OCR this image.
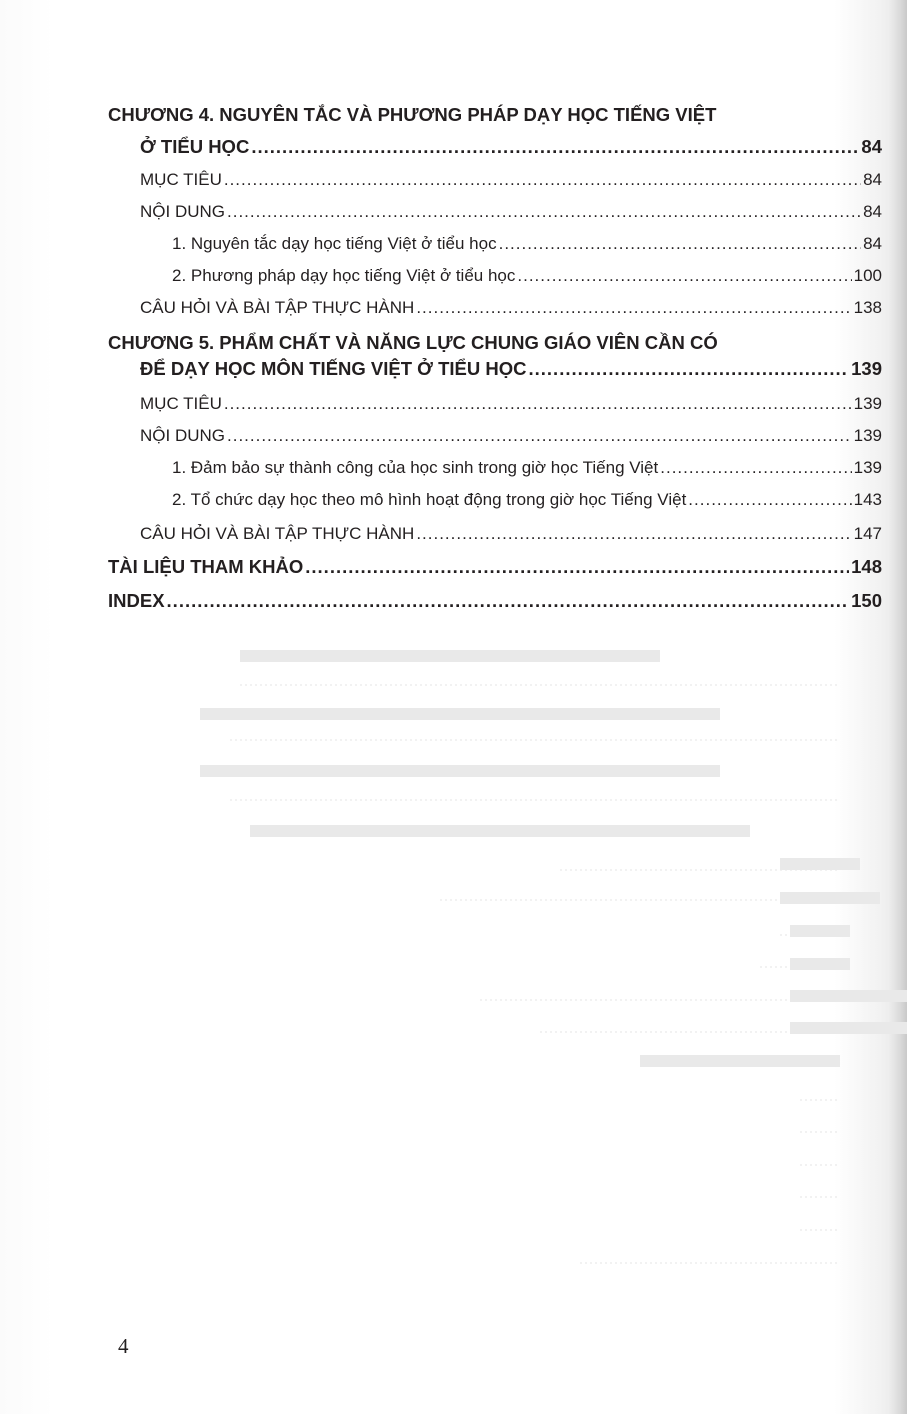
CHƯƠNG 4. NGUYÊN TẮC VÀ PHƯƠNG PHÁP DẠY HỌC TIẾNG VIỆT
Ở TIỂU HỌC .....	84
MỤC TIÊU .....	84
NỘI DUNG .....	84
1. Nguyên tắc dạy học tiếng Việt ở tiểu học .....	84
2. Phương pháp dạy học tiếng Việt ở tiểu học .....	100
CÂU HỎI VÀ BÀI TẬP THỰC HÀNH .....	138
CHƯƠNG 5. PHẨM CHẤT VÀ NĂNG LỰC CHUNG GIÁO VIÊN CẦN CÓ
ĐỂ DẠY HỌC MÔN TIẾNG VIỆT Ở TIỂU HỌC .....	139
MỤC TIÊU .....	139
NỘI DUNG .....	139
1. Đảm bảo sự thành công của học sinh trong giờ học Tiếng Việt .....	139
2. Tổ chức dạy học theo mô hình hoạt động trong giờ học Tiếng Việt .....	143
CÂU HỎI VÀ BÀI TẬP THỰC HÀNH .....	147
TÀI LIỆU THAM KHẢO .....	148
INDEX .....	150
4
